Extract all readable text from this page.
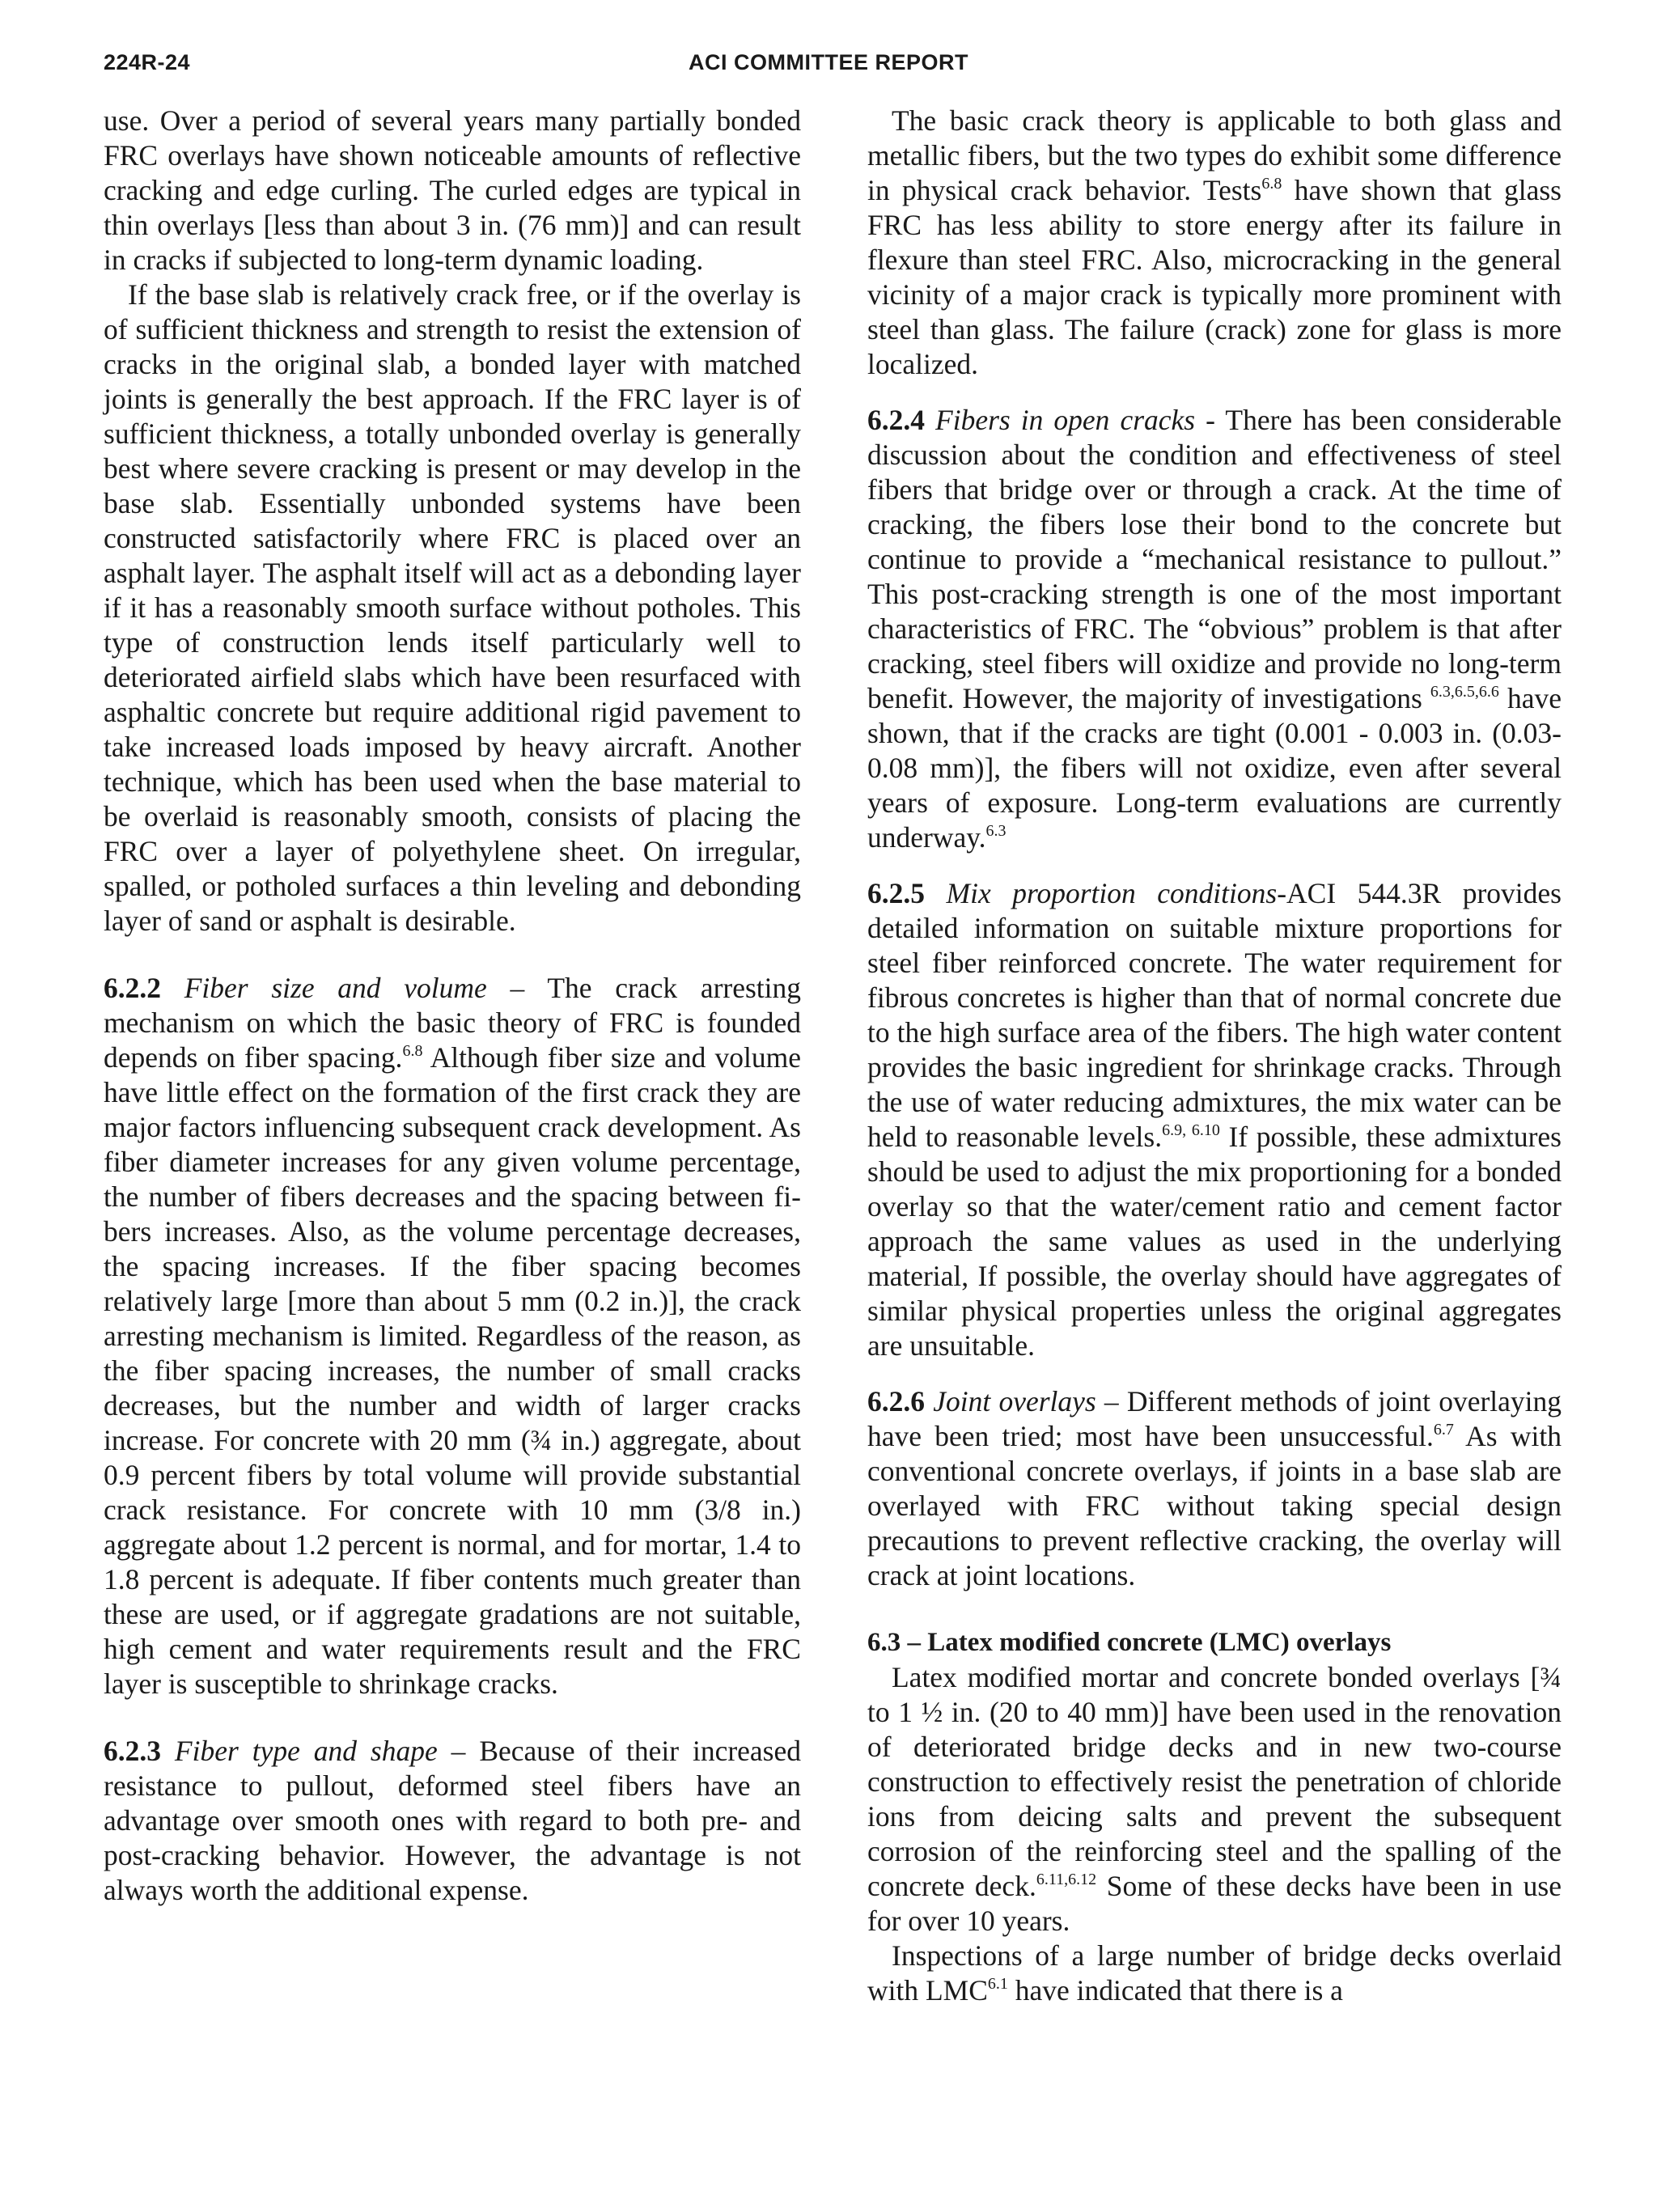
224R-24	ACI COMMITTEE REPORT

use. Over a period of several years many partially bonded FRC overlays have shown noticeable amounts of reflective cracking and edge curling. The curled edges are typical in thin overlays [less than about 3 in. (76 mm)] and can result in cracks if subjected to long-term dynamic loading.

If the base slab is relatively crack free, or if the overlay is of sufficient thickness and strength to resist the extension of cracks in the original slab, a bonded layer with matched joints is generally the best approach. If the FRC layer is of sufficient thickness, a totally unbonded overlay is generally best where severe cracking is present or may develop in the base slab. Essentially unbonded systems have been constructed satisfactorily where FRC is placed over an asphalt layer. The asphalt itself will act as a debonding layer if it has a reasonably smooth surface without potholes. This type of construction lends itself particularly well to deteriorated airfield slabs which have been resurfaced with asphaltic concrete but require additional rigid pavement to take increased loads imposed by heavy aircraft. Another technique, which has been used when the base material to be overlaid is reasonably smooth, consists of placing the FRC over a layer of polyethylene sheet. On irregular, spalled, or potholed surfaces a thin leveling and debonding layer of sand or asphalt is desirable.

6.2.2 Fiber size and volume – The crack arresting mechanism on which the basic theory of FRC is founded depends on fiber spacing.$^{6.8}$ Although fiber size and volume have little effect on the formation of the first crack they are major factors influencing subsequent crack development. As fiber diameter increases for any given volume percentage, the number of fibers decreases and the spacing between fibers increases. Also, as the volume percentage decreases, the spacing increases. If the fiber spacing becomes relatively large [more than about 5 mm (0.2 in.)], the crack arresting mechanism is limited. Regardless of the reason, as the fiber spacing increases, the number of small cracks decreases, but the number and width of larger cracks increase. For concrete with 20 mm (¾ in.) aggregate, about 0.9 percent fibers by total volume will provide substantial crack resistance. For concrete with 10 mm (3/8 in.) aggregate about 1.2 percent is normal, and for mortar, 1.4 to 1.8 percent is adequate. If fiber contents much greater than these are used, or if aggregate gradations are not suitable, high cement and water requirements result and the FRC layer is susceptible to shrinkage cracks.

6.2.3 Fiber type and shape – Because of their increased resistance to pullout, deformed steel fibers have an advantage over smooth ones with regard to both pre- and post-cracking behavior. However, the advantage is not always worth the additional expense.

The basic crack theory is applicable to both glass and metallic fibers, but the two types do exhibit some difference in physical crack behavior. Tests$^{6.8}$ have shown that glass FRC has less ability to store energy after its failure in flexure than steel FRC. Also, microcracking in the general vicinity of a major crack is typically more prominent with steel than glass. The failure (crack) zone for glass is more localized.

6.2.4 Fibers in open cracks - There has been considerable discussion about the condition and effectiveness of steel fibers that bridge over or through a crack. At the time of cracking, the fibers lose their bond to the concrete but continue to provide a “mechanical resistance to pullout.” This post-cracking strength is one of the most important characteristics of FRC. The “obvious” problem is that after cracking, steel fibers will oxidize and provide no long-term benefit. However, the majority of investigations $^{6.3,6.5,6.6}$ have shown, that if the cracks are tight (0.001 - 0.003 in. (0.03-0.08 mm)], the fibers will not oxidize, even after several years of exposure. Long-term evaluations are currently underway.$^{6.3}$

6.2.5 Mix proportion conditions-ACI 544.3R provides detailed information on suitable mixture proportions for steel fiber reinforced concrete. The water requirement for fibrous concretes is higher than that of normal concrete due to the high surface area of the fibers. The high water content provides the basic ingredient for shrinkage cracks. Through the use of water reducing admixtures, the mix water can be held to reasonable levels.$^{6.9, 6.10}$ If possible, these admixtures should be used to adjust the mix proportioning for a bonded overlay so that the water/cement ratio and cement factor approach the same values as used in the underlying material, If possible, the overlay should have aggregates of similar physical properties unless the original aggregates are unsuitable.

6.2.6 Joint overlays – Different methods of joint overlaying have been tried; most have been unsuccessful.$^{6.7}$ As with conventional concrete overlays, if joints in a base slab are overlayed with FRC without taking special design precautions to prevent reflective cracking, the overlay will crack at joint locations.

6.3 – Latex modified concrete (LMC) overlays

Latex modified mortar and concrete bonded overlays [¾ to 1 ½ in. (20 to 40 mm)] have been used in the renovation of deteriorated bridge decks and in new two-course construction to effectively resist the penetration of chloride ions from deicing salts and prevent the subsequent corrosion of the reinforcing steel and the spalling of the concrete deck.$^{6.11,6.12}$ Some of these decks have been in use for over 10 years.

Inspections of a large number of bridge decks overlaid with $LMC^{6.1}$ have indicated that there is a
